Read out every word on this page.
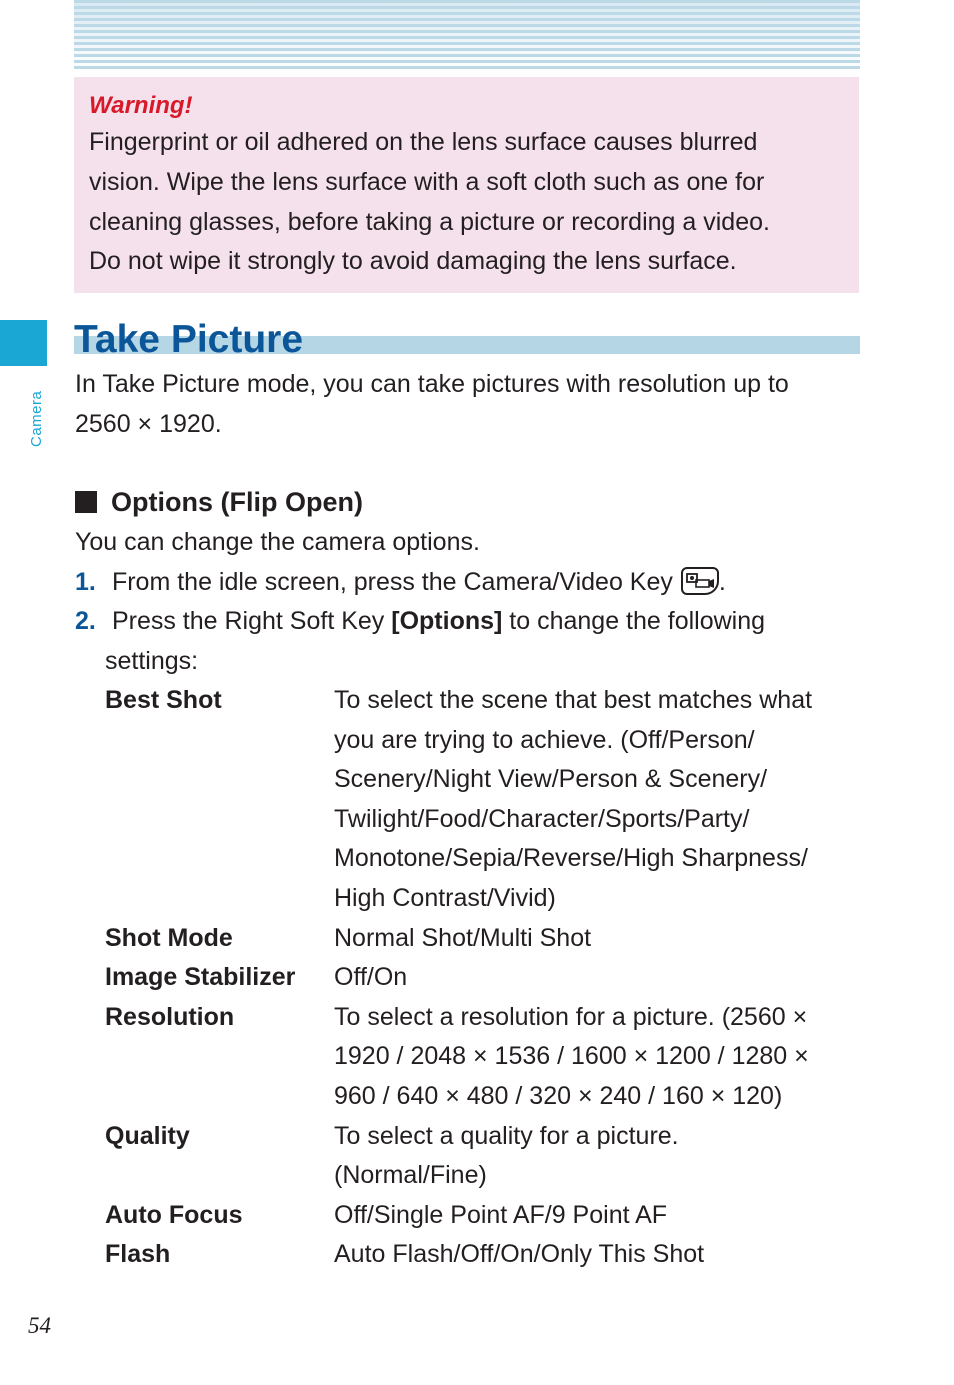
Warning!
Fingerprint or oil adhered on the lens surface causes blurred
vision. Wipe the lens surface with a soft cloth such as one for
cleaning glasses, before taking a picture or recording a video.
Do not wipe it strongly to avoid damaging the lens surface.
Camera
Take Picture
In Take Picture mode, you can take pictures with resolution up to
2560 × 1920.
Options (Flip Open)
You can change the camera options.
1. From the idle screen, press the Camera/Video Key .
2. Press the Right Soft Key [Options] to change the following
settings:
Best Shot	To select the scene that best matches what
you are trying to achieve. (Off/Person/
Scenery/Night View/Person & Scenery/
Twilight/Food/Character/Sports/Party/
Monotone/Sepia/Reverse/High Sharpness/
High Contrast/Vivid)
Shot Mode	Normal Shot/Multi Shot
Image Stabilizer	Off/On
Resolution	To select a resolution for a picture. (2560 ×
1920 / 2048 × 1536 / 1600 × 1200 / 1280 ×
960 / 640 × 480 / 320 × 240 / 160 × 120)
Quality	To select a quality for a picture.
(Normal/Fine)
Auto Focus	Off/Single Point AF/9 Point AF
Flash	Auto Flash/Off/On/Only This Shot
54
